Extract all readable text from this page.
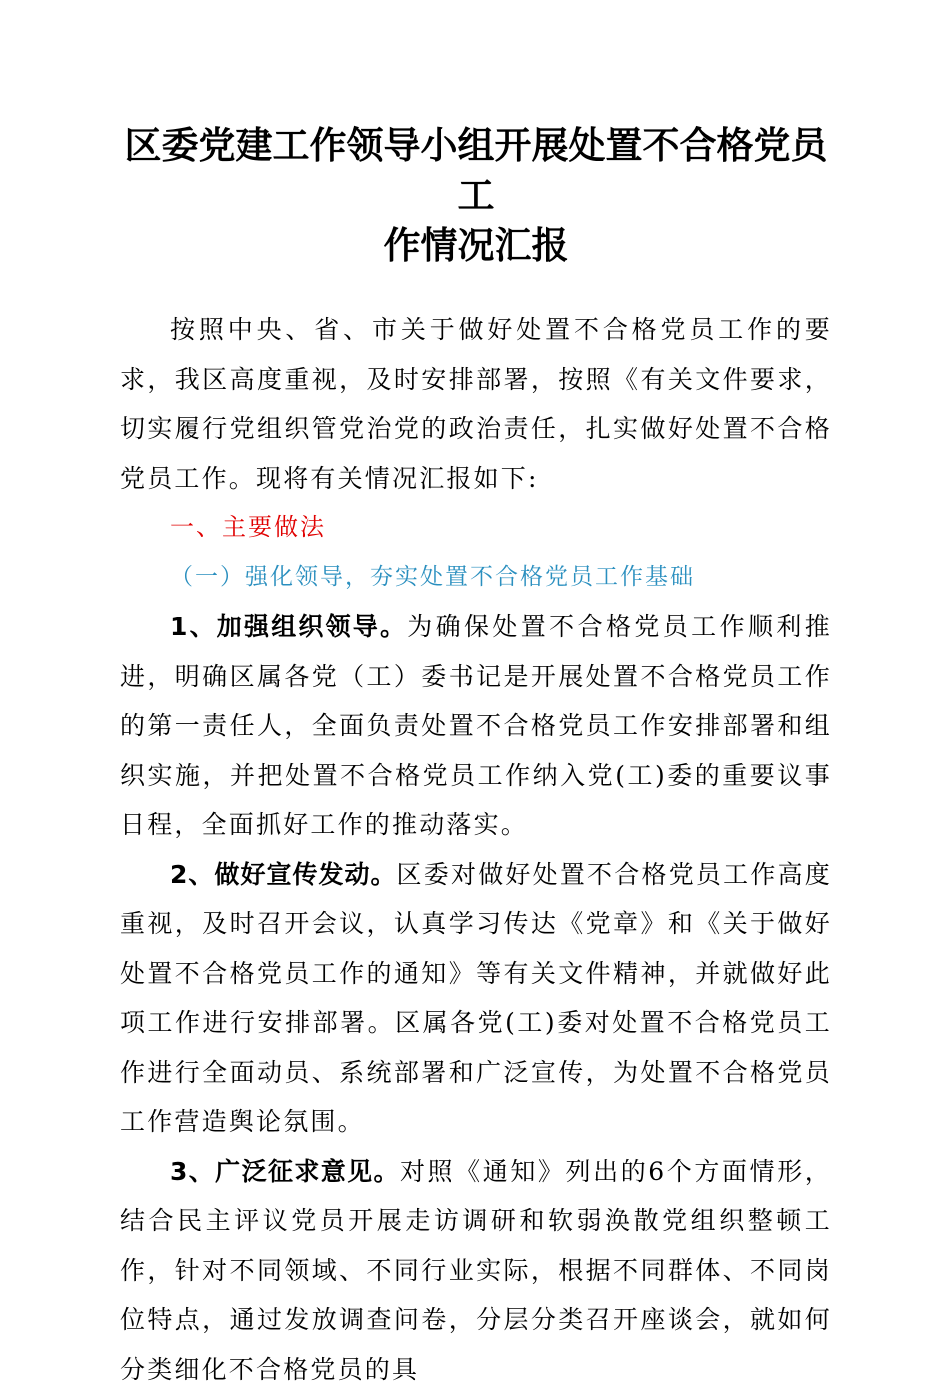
区委党建工作领导小组开展处置不合格党员工
作情况汇报

按照中央、省、市关于做好处置不合格党员工作的要求，我区高度重视，及时安排部署，按照《有关文件要求，切实履行党组织管党治党的政治责任，扎实做好处置不合格党员工作。现将有关情况汇报如下:

一、主要做法

（一）强化领导，夯实处置不合格党员工作基础

1、加强组织领导。为确保处置不合格党员工作顺利推进，明确区属各党（工）委书记是开展处置不合格党员工作的第一责任人，全面负责处置不合格党员工作安排部署和组织实施，并把处置不合格党员工作纳入党(工)委的重要议事日程，全面抓好工作的推动落实。

2、做好宣传发动。区委对做好处置不合格党员工作高度重视，及时召开会议，认真学习传达《党章》和《关于做好处置不合格党员工作的通知》等有关文件精神，并就做好此项工作进行安排部署。区属各党(工)委对处置不合格党员工作进行全面动员、系统部署和广泛宣传，为处置不合格党员工作营造舆论氛围。

3、广泛征求意见。对照《通知》列出的6个方面情形，结合民主评议党员开展走访调研和软弱涣散党组织整顿工作，针对不同领域、不同行业实际，根据不同群体、不同岗位特点，通过发放调查问卷，分层分类召开座谈会，就如何分类细化不合格党员的具
